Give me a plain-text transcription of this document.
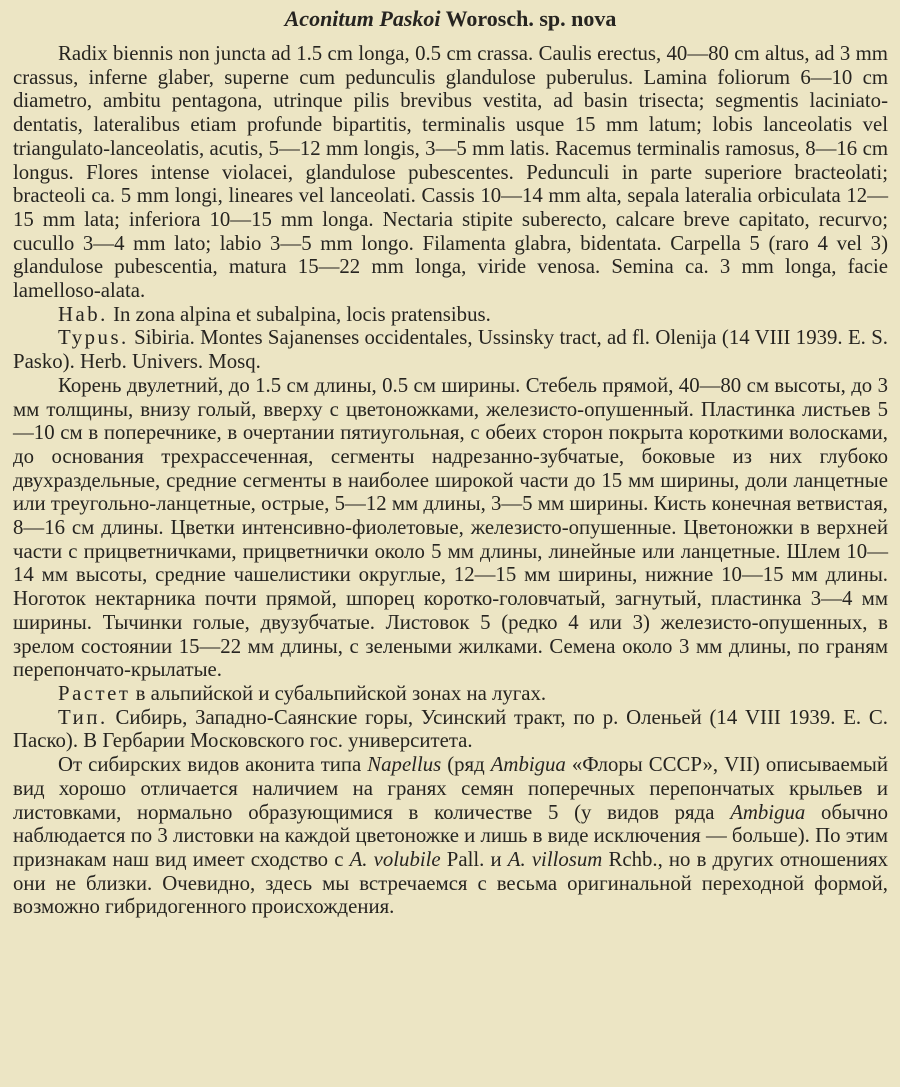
Aconitum Paskoi Worosch. sp. nova

Radix biennis non juncta ad 1.5 cm longa, 0.5 cm crassa. Caulis erectus, 40—80 cm altus, ad 3 mm crassus, inferne glaber, superne cum pedunculis glandulose puberulus. Lamina foliorum 6—10 cm diametro, ambitu pentagona, utrinque pilis brevibus vestita, ad basin trisecta; segmentis laciniato-dentatis, lateralibus etiam profunde bipartitis, terminalis usque 15 mm latum; lobis lanceolatis vel triangulato-lanceolatis, acutis, 5—12 mm longis, 3—5 mm latis. Racemus terminalis ramosus, 8—16 cm longus. Flores intense violacei, glandulose pubescentes. Pedunculi in parte superiore bracteolati; bracteoli ca. 5 mm longi, lineares vel lanceolati. Cassis 10—14 mm alta, sepala lateralia orbiculata 12—15 mm lata; inferiora 10—15 mm longa. Nectaria stipite suberecto, calcare breve capitato, recurvo; cucullo 3—4 mm lato; labio 3—5 mm longo. Filamenta glabra, bidentata. Carpella 5 (raro 4 vel 3) glandulose pubescentia, matura 15—22 mm longa, viride venosa. Semina ca. 3 mm longa, facie lamelloso-alata.

Hab. In zona alpina et subalpina, locis pratensibus.

Typus. Sibiria. Montes Sajanenses occidentales, Ussinsky tract, ad fl. Olenija (14 VIII 1939. E. S. Pasko). Herb. Univers. Mosq.

Корень двулетний, до 1.5 см длины, 0.5 см ширины. Стебель прямой, 40—80 см высоты, до 3 мм толщины, внизу голый, вверху с цветоножками, железисто-опушенный. Пластинка листьев 5—10 см в поперечнике, в очертании пятиугольная, с обеих сторон покрыта короткими волосками, до основания трехрассеченная, сегменты надрезанно-зубчатые, боковые из них глубоко двухраздельные, средние сегменты в наиболее широкой части до 15 мм ширины, доли ланцетные или треугольно-ланцетные, острые, 5—12 мм длины, 3—5 мм ширины. Кисть конечная ветвистая, 8—16 см длины. Цветки интенсивно-фиолетовые, железисто-опушенные. Цветоножки в верхней части с прицветничками, прицветнички около 5 мм длины, линейные или ланцетные. Шлем 10—14 мм высоты, средние чашелистики округлые, 12—15 мм ширины, нижние 10—15 мм длины. Ноготок нектарника почти прямой, шпорец коротко-головчатый, загнутый, пластинка 3—4 мм ширины. Тычинки голые, двузубчатые. Листовок 5 (редко 4 или 3) железисто-опушенных, в зрелом состоянии 15—22 мм длины, с зелеными жилками. Семена около 3 мм длины, по граням перепончато-крылатые.

Растет в альпийской и субальпийской зонах на лугах.

Тип. Сибирь, Западно-Саянские горы, Усинский тракт, по р. Оленьей (14 VIII 1939. Е. С. Паско). В Гербарии Московского гос. университета.

От сибирских видов аконита типа Napellus (ряд Ambigua «Флоры СССР», VII) описываемый вид хорошо отличается наличием на гранях семян поперечных перепончатых крыльев и листовками, нормально образующимися в количестве 5 (у видов ряда Ambigua обычно наблюдается по 3 листовки на каждой цветоножке и лишь в виде исключения — больше). По этим признакам наш вид имеет сходство с A. volubile Pall. и A. villosum Rchb., но в других отношениях они не близки. Очевидно, здесь мы встречаемся с весьма оригинальной переходной формой, возможно гибридогенного происхождения.
